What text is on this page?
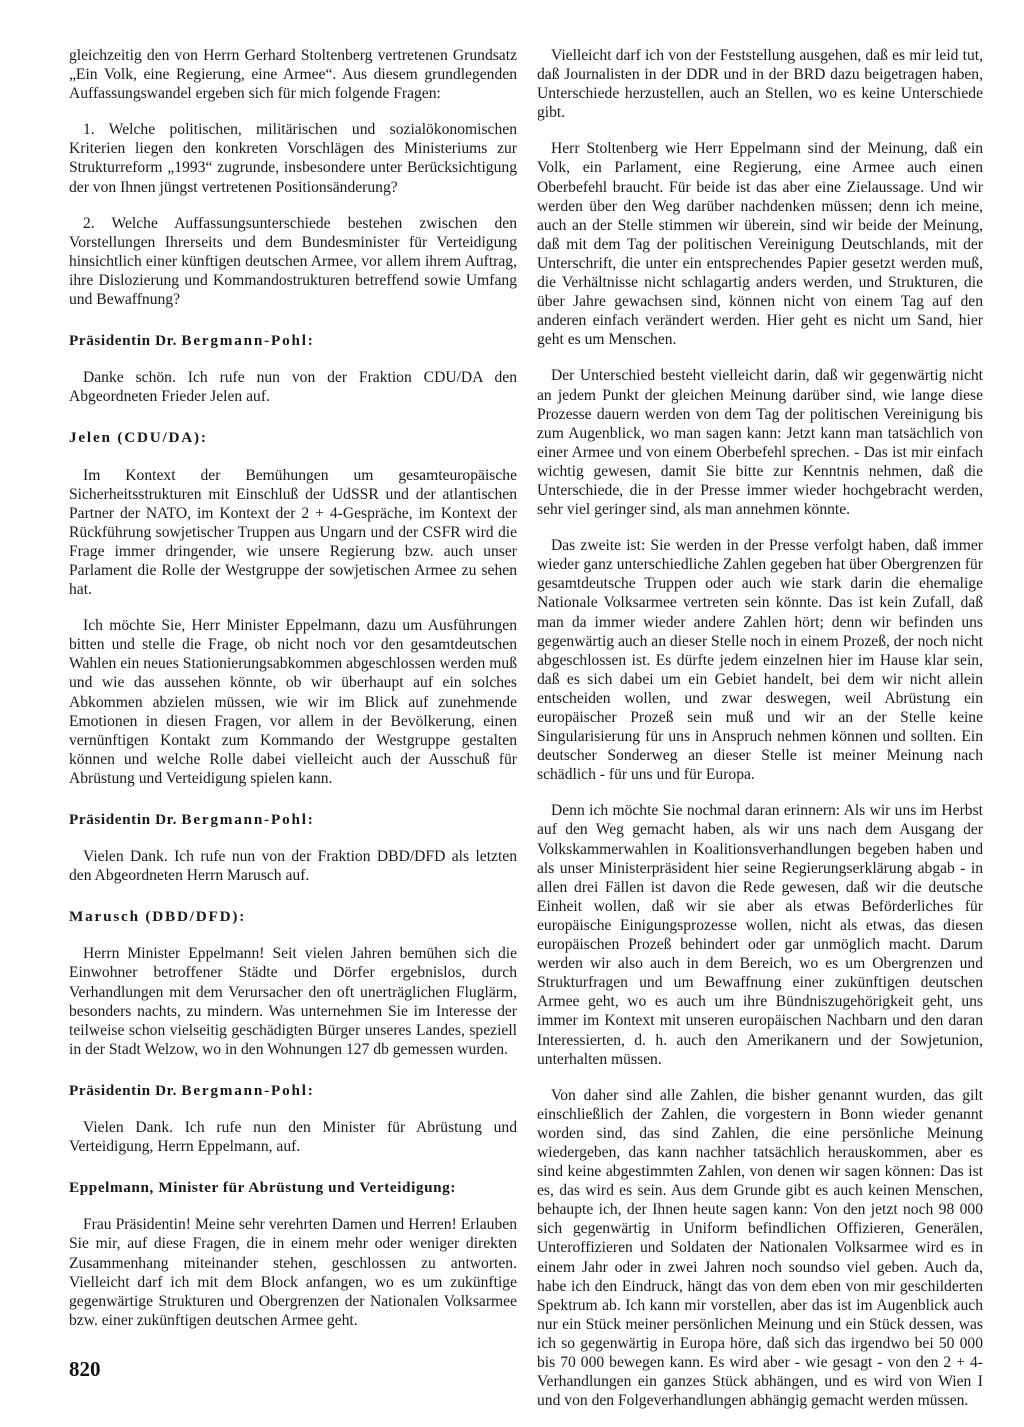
gleichzeitig den von Herrn Gerhard Stoltenberg vertretenen Grundsatz „Ein Volk, eine Regierung, eine Armee“. Aus diesem grundlegenden Auffassungswandel ergeben sich für mich folgende Fragen:

1. Welche politischen, militärischen und sozialökonomischen Kriterien liegen den konkreten Vorschlägen des Ministeriums zur Strukturreform „1993“ zugrunde, insbesondere unter Berücksichtigung der von Ihnen jüngst vertretenen Positionsänderung?

2. Welche Auffassungsunterschiede bestehen zwischen den Vorstellungen Ihrerseits und dem Bundesminister für Verteidigung hinsichtlich einer künftigen deutschen Armee, vor allem ihrem Auftrag, ihre Dislozierung und Kommandostrukturen betreffend sowie Umfang und Bewaffnung?

Präsidentin Dr. Bergmann-Pohl:

Danke schön. Ich rufe nun von der Fraktion CDU/DA den Abgeordneten Frieder Jelen auf.

Jelen (CDU/DA):

Im Kontext der Bemühungen um gesamteuropäische Sicherheitsstrukturen mit Einschluß der UdSSR und der atlantischen Partner der NATO, im Kontext der 2 + 4-Gespräche, im Kontext der Rückführung sowjetischer Truppen aus Ungarn und der CSFR wird die Frage immer dringender, wie unsere Regierung bzw. auch unser Parlament die Rolle der Westgruppe der sowjetischen Armee zu sehen hat.

Ich möchte Sie, Herr Minister Eppelmann, dazu um Ausführungen bitten und stelle die Frage, ob nicht noch vor den gesamtdeutschen Wahlen ein neues Stationierungsabkommen abgeschlossen werden muß und wie das aussehen könnte, ob wir überhaupt auf ein solches Abkommen abzielen müssen, wie wir im Blick auf zunehmende Emotionen in diesen Fragen, vor allem in der Bevölkerung, einen vernünftigen Kontakt zum Kommando der Westgruppe gestalten können und welche Rolle dabei vielleicht auch der Ausschuß für Abrüstung und Verteidigung spielen kann.

Präsidentin Dr. Bergmann-Pohl:

Vielen Dank. Ich rufe nun von der Fraktion DBD/DFD als letzten den Abgeordneten Herrn Marusch auf.

Marusch (DBD/DFD):

Herrn Minister Eppelmann! Seit vielen Jahren bemühen sich die Einwohner betroffener Städte und Dörfer ergebnislos, durch Verhandlungen mit dem Verursacher den oft unerträglichen Fluglärm, besonders nachts, zu mindern. Was unternehmen Sie im Interesse der teilweise schon vielseitig geschädigten Bürger unseres Landes, speziell in der Stadt Welzow, wo in den Wohnungen 127 db gemessen wurden.

Präsidentin Dr. Bergmann-Pohl:

Vielen Dank. Ich rufe nun den Minister für Abrüstung und Verteidigung, Herrn Eppelmann, auf.

Eppelmann, Minister für Abrüstung und Verteidigung:

Frau Präsidentin! Meine sehr verehrten Damen und Herren! Erlauben Sie mir, auf diese Fragen, die in einem mehr oder weniger direkten Zusammenhang miteinander stehen, geschlossen zu antworten. Vielleicht darf ich mit dem Block anfangen, wo es um zukünftige gegenwärtige Strukturen und Obergrenzen der Nationalen Volksarmee bzw. einer zukünftigen deutschen Armee geht.

Vielleicht darf ich von der Feststellung ausgehen, daß es mir leid tut, daß Journalisten in der DDR und in der BRD dazu beigetragen haben, Unterschiede herzustellen, auch an Stellen, wo es keine Unterschiede gibt.

Herr Stoltenberg wie Herr Eppelmann sind der Meinung, daß ein Volk, ein Parlament, eine Regierung, eine Armee auch einen Oberbefehl braucht. Für beide ist das aber eine Zielaussage. Und wir werden über den Weg darüber nachdenken müssen; denn ich meine, auch an der Stelle stimmen wir überein, sind wir beide der Meinung, daß mit dem Tag der politischen Vereinigung Deutschlands, mit der Unterschrift, die unter ein entsprechendes Papier gesetzt werden muß, die Verhältnisse nicht schlagartig anders werden, und Strukturen, die über Jahre gewachsen sind, können nicht von einem Tag auf den anderen einfach verändert werden. Hier geht es nicht um Sand, hier geht es um Menschen.

Der Unterschied besteht vielleicht darin, daß wir gegenwärtig nicht an jedem Punkt der gleichen Meinung darüber sind, wie lange diese Prozesse dauern werden von dem Tag der politischen Vereinigung bis zum Augenblick, wo man sagen kann: Jetzt kann man tatsächlich von einer Armee und von einem Oberbefehl sprechen. - Das ist mir einfach wichtig gewesen, damit Sie bitte zur Kenntnis nehmen, daß die Unterschiede, die in der Presse immer wieder hochgebracht werden, sehr viel geringer sind, als man annehmen könnte.

Das zweite ist: Sie werden in der Presse verfolgt haben, daß immer wieder ganz unterschiedliche Zahlen gegeben hat über Obergrenzen für gesamtdeutsche Truppen oder auch wie stark darin die ehemalige Nationale Volksarmee vertreten sein könnte. Das ist kein Zufall, daß man da immer wieder andere Zahlen hört; denn wir befinden uns gegenwärtig auch an dieser Stelle noch in einem Prozeß, der noch nicht abgeschlossen ist. Es dürfte jedem einzelnen hier im Hause klar sein, daß es sich dabei um ein Gebiet handelt, bei dem wir nicht allein entscheiden wollen, und zwar deswegen, weil Abrüstung ein europäischer Prozeß sein muß und wir an der Stelle keine Singularisierung für uns in Anspruch nehmen können und sollten. Ein deutscher Sonderweg an dieser Stelle ist meiner Meinung nach schädlich - für uns und für Europa.

Denn ich möchte Sie nochmal daran erinnern: Als wir uns im Herbst auf den Weg gemacht haben, als wir uns nach dem Ausgang der Volkskammerwahlen in Koalitionsverhandlungen begeben haben und als unser Ministerpräsident hier seine Regierungserklärung abgab - in allen drei Fällen ist davon die Rede gewesen, daß wir die deutsche Einheit wollen, daß wir sie aber als etwas Beförderliches für europäische Einigungsprozesse wollen, nicht als etwas, das diesen europäischen Prozeß behindert oder gar unmöglich macht. Darum werden wir also auch in dem Bereich, wo es um Obergrenzen und Strukturfragen und um Bewaffnung einer zukünftigen deutschen Armee geht, wo es auch um ihre Bündniszugehörigkeit geht, uns immer im Kontext mit unseren europäischen Nachbarn und den daran Interessierten, d. h. auch den Amerikanern und der Sowjetunion, unterhalten müssen.

Von daher sind alle Zahlen, die bisher genannt wurden, das gilt einschließlich der Zahlen, die vorgestern in Bonn wieder genannt worden sind, das sind Zahlen, die eine persönliche Meinung wiedergeben, das kann nachher tatsächlich herauskommen, aber es sind keine abgestimmten Zahlen, von denen wir sagen können: Das ist es, das wird es sein. Aus dem Grunde gibt es auch keinen Menschen, behaupte ich, der Ihnen heute sagen kann: Von den jetzt noch 98 000 sich gegenwärtig in Uniform befindlichen Offizieren, Generälen, Unteroffizieren und Soldaten der Nationalen Volksarmee wird es in einem Jahr oder in zwei Jahren noch soundso viel geben. Auch da, habe ich den Eindruck, hängt das von dem eben von mir geschilderten Spektrum ab. Ich kann mir vorstellen, aber das ist im Augenblick auch nur ein Stück meiner persönlichen Meinung und ein Stück dessen, was ich so gegenwärtig in Europa höre, daß sich das irgendwo bei 50 000 bis 70 000 bewegen kann. Es wird aber - wie gesagt - von den 2 + 4-Verhandlungen ein ganzes Stück abhängen, und es wird von Wien I und von den Folgeverhandlungen abhängig gemacht werden müssen.

820
